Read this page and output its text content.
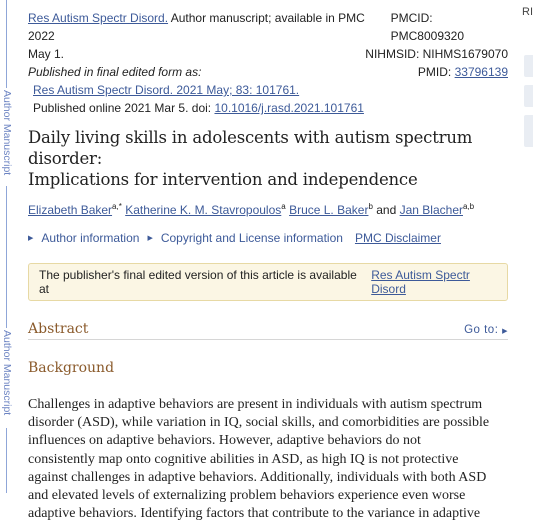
Author Manuscript
Author Manuscript
RI
Res Autism Spectr Disord. Author manuscript; available in PMC 2022
PMCID: PMC8009320
May 1.	NIHMSID: NIHMS1679070
Published in final edited form as:	PMID: 33796139
Res Autism Spectr Disord. 2021 May; 83: 101761.
Published online 2021 Mar 5. doi: 10.1016/j.rasd.2021.101761
Daily living skills in adolescents with autism spectrum disorder:
Implications for intervention and independence
Elizabeth Baker$^{a,*}$ Katherine K. M. Stavropoulos$^a$ Bruce L. Baker$^b$ and Jan Blacher$^{a,b}$
▶ Author information ▶ Copyright and License information PMC Disclaimer
The publisher's final edited version of this article is available at

Res Autism Spectr Disord
Abstract	Go to: ▶
Background
Challenges in adaptive behaviors are present in individuals with autism spectrum
disorder (ASD), while variation in IQ, social skills, and comorbidities are possible
influences on adaptive behaviors. However, adaptive behaviors do not
consistently map onto cognitive abilities in ASD, as high IQ is not protective
against challenges in adaptive behaviors. Additionally, individuals with both ASD
and elevated levels of externalizing problem behaviors experience even worse
adaptive behaviors. Identifying factors that contribute to the variance in adaptive
